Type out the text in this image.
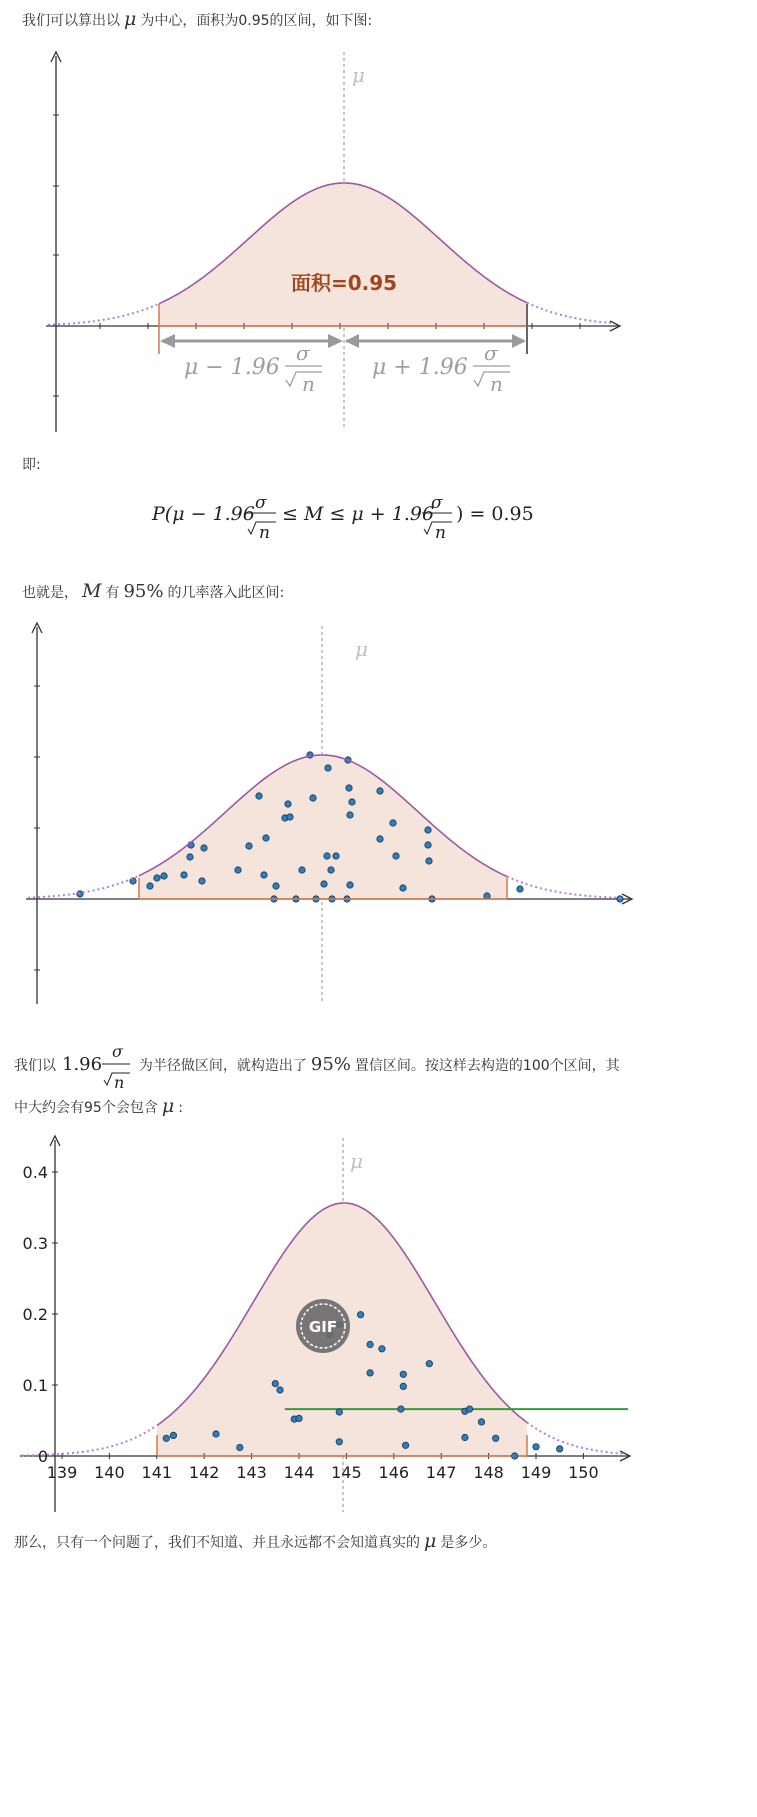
我们可以算出以 μ 为中心，面积为0.95的区间，如下图:
μ
面积=0.95
μ − 1.96
σ
n
μ + 1.96
σ
n
即:
P(μ − 1.96 σ
n
≤ M ≤ μ + 1.96
σ
n
) = 0.95
也就是， M 有 95% 的几率落入此区间:
μ
我们以 1.96
σ
n
为半径做区间，就构造出了 95% 置信区间。按这样去构造的100个区间，其
中大约会有95个会包含 μ :
0
0.1
0.2
0.3
0.4
139 140 141 142 143 144 145 146 147 148 149 150
μ
GIF
那么，只有一个问题了，我们不知道、并且永远都不会知道真实的 μ 是多少。
